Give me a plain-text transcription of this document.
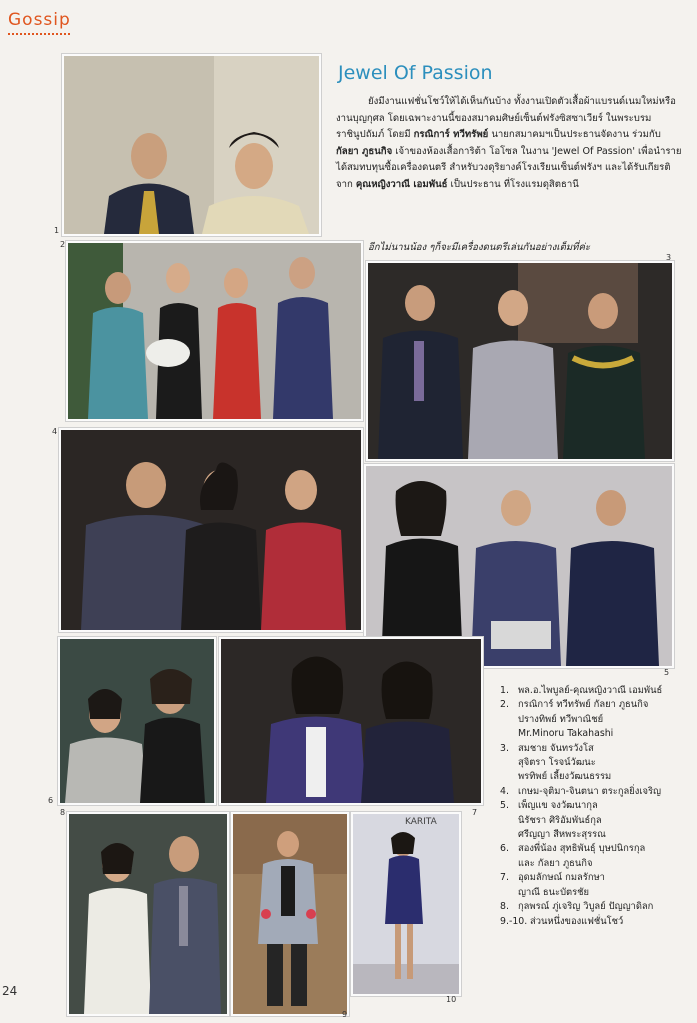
Gossip
1
Jewel Of Passion
ยังมีงานแฟชั่นโชว์ให้ได้เห็นกันบ้าง ทั้งงานเปิดตัวเสื้อผ้าแบรนด์เนมใหม่หรืองานบุญกุศล โดยเฉพาะงานนี้ของสมาคมศิษย์เซ็นต์ฟรังซิสซาเวียร์ ในพระบรมราชินูปถัมภ์ โดยมี กรณิการ์ ทวีทรัพย์ นายกสมาคมฯเป็นประธานจัดงาน ร่วมกับ กัลยา ภูธนกิจ เจ้าของห้องเสื้อการิต้า โอโซล ในงาน 'Jewel Of Passion' เพื่อนำรายได้สมทบทุนซื้อเครื่องดนตรี สำหรับวงดุริยางค์โรงเรียนเซ็นต์ฟรังฯ และได้รับเกียรติจาก คุณหญิงวาณี เอมพันธ์ เป็นประธาน ที่โรงแรมดุสิตธานี
อีกไม่นานน้อง ๆก็จะมีเครื่องดนตรีเล่นกันอย่างเต็มที่ค่ะ
2
3
4
5
6
7
8
9
KARITA
10
1. พล.อ.ไพบูลย์-คุณหญิงวาณี เอมพันธ์
2. กรณิการ์ ทวีทรัพย์ กัลยา ภูธนกิจ
ปรางทิพย์ ทวีพาณิชย์
Mr.Minoru Takahashi
3. สมชาย จันทรวังโส
สุจิตรา โรจน์วัฒนะ
พรทิพย์ เลี้ยงวัฒนธรรม
4. เกษม-จุติมา-จินตนา ตระกูลยิ่งเจริญ
5. เพ็ญแข จงวัฒนากุล
นิรัชรา ศิริอัมพันธ์กุล
ศรีญญา สีหพระสุรรณ
6. สองพี่น้อง สุทธิพันธุ์ บุษปนิกรกุล
และ กัลยา ภูธนกิจ
7. อุดมลักษณ์ กมลรักษา
ญาณี ธนะบัตรชัย
8. กุลพรณ์ ภู่เจริญ วิบูลย์ ปัญญาดิลก
9.-10. ส่วนหนึ่งของแฟชั่นโชว์
24
